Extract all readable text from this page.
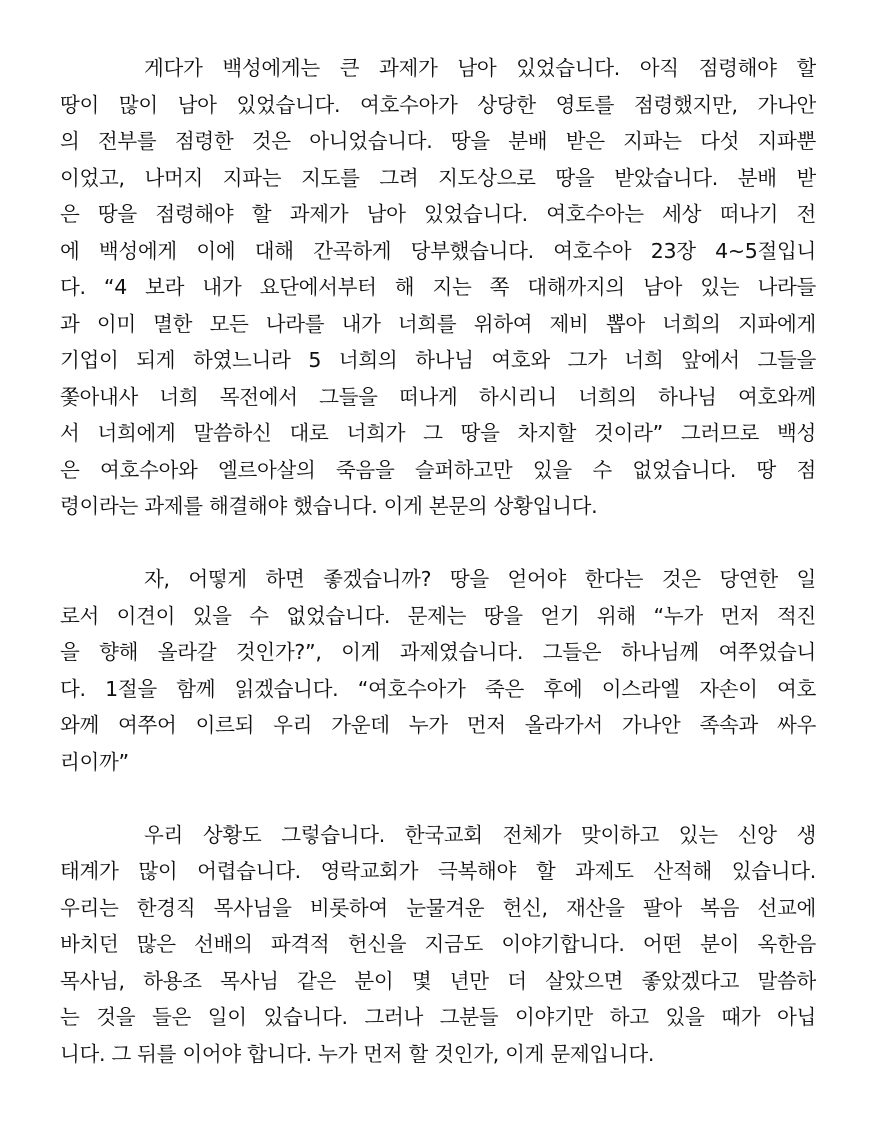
게다가 백성에게는 큰 과제가 남아 있었습니다. 아직 점령해야 할
땅이 많이 남아 있었습니다. 여호수아가 상당한 영토를 점령했지만, 가나안
의 전부를 점령한 것은 아니었습니다. 땅을 분배 받은 지파는 다섯 지파뿐
이었고, 나머지 지파는 지도를 그려 지도상으로 땅을 받았습니다. 분배 받
은 땅을 점령해야 할 과제가 남아 있었습니다. 여호수아는 세상 떠나기 전
에 백성에게 이에 대해 간곡하게 당부했습니다. 여호수아 23장 4~5절입니
다. “4 보라 내가 요단에서부터 해 지는 쪽 대해까지의 남아 있는 나라들
과 이미 멸한 모든 나라를 내가 너희를 위하여 제비 뽑아 너희의 지파에게
기업이 되게 하였느니라 5 너희의 하나님 여호와 그가 너희 앞에서 그들을
쫓아내사 너희 목전에서 그들을 떠나게 하시리니 너희의 하나님 여호와께
서 너희에게 말씀하신 대로 너희가 그 땅을 차지할 것이라” 그러므로 백성
은 여호수아와 엘르아살의 죽음을 슬퍼하고만 있을 수 없었습니다. 땅 점
령이라는 과제를 해결해야 했습니다. 이게 본문의 상황입니다.

자, 어떻게 하면 좋겠습니까? 땅을 얻어야 한다는 것은 당연한 일
로서 이견이 있을 수 없었습니다. 문제는 땅을 얻기 위해 “누가 먼저 적진
을 향해 올라갈 것인가?”, 이게 과제였습니다. 그들은 하나님께 여쭈었습니
다. 1절을 함께 읽겠습니다. “여호수아가 죽은 후에 이스라엘 자손이 여호
와께 여쭈어 이르되 우리 가운데 누가 먼저 올라가서 가나안 족속과 싸우
리이까”

우리 상황도 그렇습니다. 한국교회 전체가 맞이하고 있는 신앙 생
태계가 많이 어렵습니다. 영락교회가 극복해야 할 과제도 산적해 있습니다.
우리는 한경직 목사님을 비롯하여 눈물겨운 헌신, 재산을 팔아 복음 선교에
바치던 많은 선배의 파격적 헌신을 지금도 이야기합니다. 어떤 분이 옥한음
목사님, 하용조 목사님 같은 분이 몇 년만 더 살았으면 좋았겠다고 말씀하
는 것을 들은 일이 있습니다. 그러나 그분들 이야기만 하고 있을 때가 아닙
니다. 그 뒤를 이어야 합니다. 누가 먼저 할 것인가, 이게 문제입니다.
